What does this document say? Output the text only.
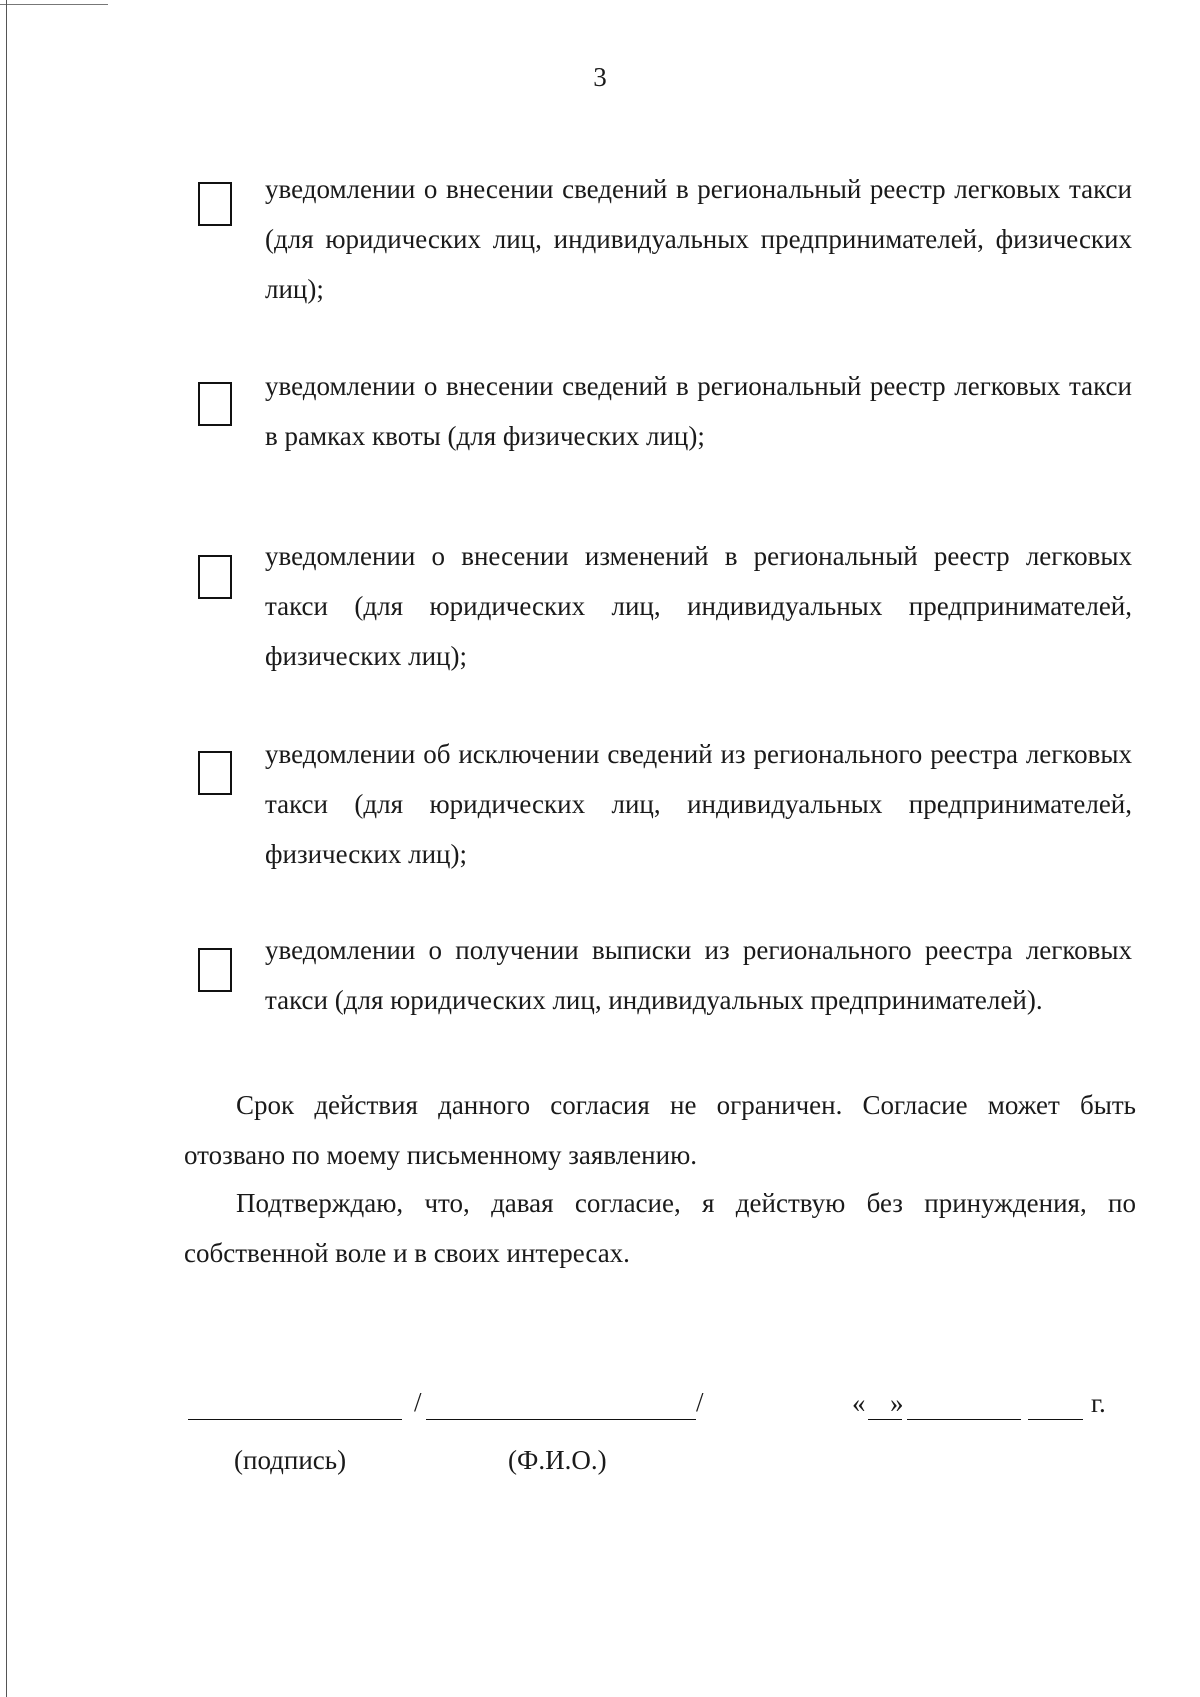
3
уведомлении о внесении сведений в региональный реестр легковых такси (для юридических лиц, индивидуальных предпринимателей, физических лиц);
уведомлении о внесении сведений в региональный реестр легковых такси в рамках квоты (для физических лиц);
уведомлении о внесении изменений в региональный реестр легковых такси (для юридических лиц, индивидуальных предпринимателей, физических лиц);
уведомлении об исключении сведений из регионального реестра легковых такси (для юридических лиц, индивидуальных предпринимателей, физических лиц);
уведомлении о получении выписки из регионального реестра легковых такси (для юридических лиц, индивидуальных предпринимателей).
Срок действия данного согласия не ограничен. Согласие может быть отозвано по моему письменному заявлению.
Подтверждаю, что, давая согласие, я действую без принуждения, по собственной воле и в своих интересах.
/	/	« »	г.
(подпись)	(Ф.И.О.)
